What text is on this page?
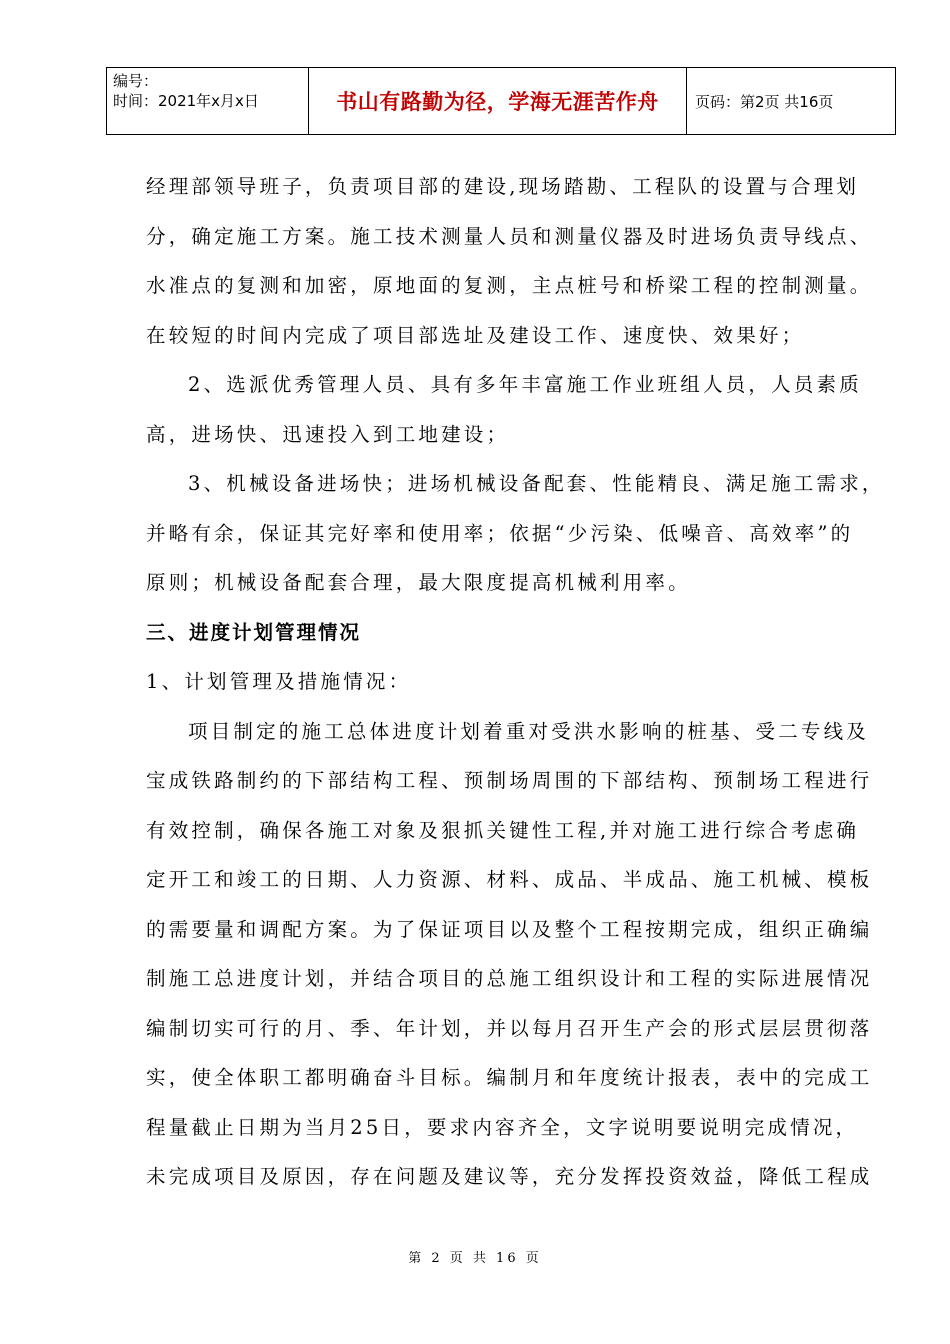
编号：
时间：2021年x月x日	书山有路勤为径，学海无涯苦作舟 页码：第2页 共16页
经理部领导班子，负责项目部的建设,现场踏勘、工程队的设置与合理划
分，确定施工方案。施工技术测量人员和测量仪器及时进场负责导线点、
水准点的复测和加密，原地面的复测，主点桩号和桥梁工程的控制测量。
在较短的时间内完成了项目部选址及建设工作、速度快、效果好；
2、选派优秀管理人员、具有多年丰富施工作业班组人员，人员素质
高，进场快、迅速投入到工地建设；
3、机械设备进场快；进场机械设备配套、性能精良、满足施工需求，
并略有余，保证其完好率和使用率；依据“少污染、低噪音、高效率”的
原则；机械设备配套合理，最大限度提高机械利用率。
三、进度计划管理情况
1、计划管理及措施情况：
项目制定的施工总体进度计划着重对受洪水影响的桩基、受二专线及
宝成铁路制约的下部结构工程、预制场周围的下部结构、预制场工程进行
有效控制，确保各施工对象及狠抓关键性工程,并对施工进行综合考虑确
定开工和竣工的日期、人力资源、材料、成品、半成品、施工机械、模板
的需要量和调配方案。为了保证项目以及整个工程按期完成，组织正确编
制施工总进度计划，并结合项目的总施工组织设计和工程的实际进展情况
编制切实可行的月、季、年计划，并以每月召开生产会的形式层层贯彻落
实，使全体职工都明确奋斗目标。编制月和年度统计报表，表中的完成工
程量截止日期为当月25日，要求内容齐全，文字说明要说明完成情况，
未完成项目及原因，存在问题及建议等，充分发挥投资效益，降低工程成
第 2 页 共 16 页
